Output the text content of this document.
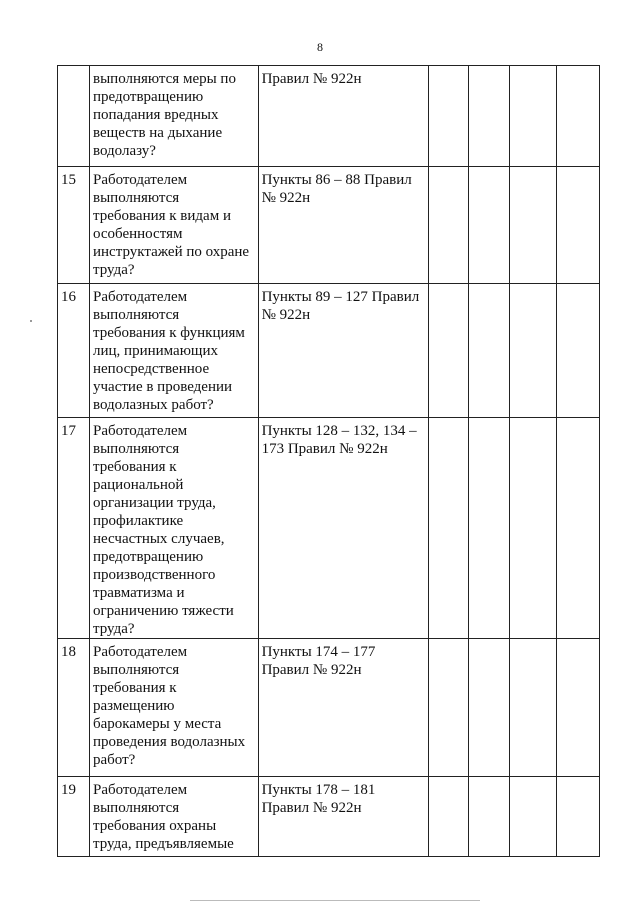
8
	выполняются меры по предотвращению попадания вредных веществ на дыхание водолазу?	Правил № 922н				
15	Работодателем выполняются требования к видам и особенностям инструктажей по охране труда?	Пункты 86 – 88 Правил № 922н				
16	Работодателем выполняются требования к функциям лиц, принимающих непосредственное участие в проведении водолазных работ?	Пункты 89 – 127 Правил № 922н				
17	Работодателем выполняются требования к рациональной организации труда, профилактике несчастных случаев, предотвращению производственного травматизма и ограничению тяжести труда?	Пункты 128 – 132, 134 – 173 Правил № 922н				
18	Работодателем выполняются требования к размещению барокамеры у места проведения водолазных работ?	Пункты 174 – 177 Правил № 922н				
19	Работодателем выполняются требования охраны труда, предъявляемые	Пункты 178 – 181 Правил № 922н				
